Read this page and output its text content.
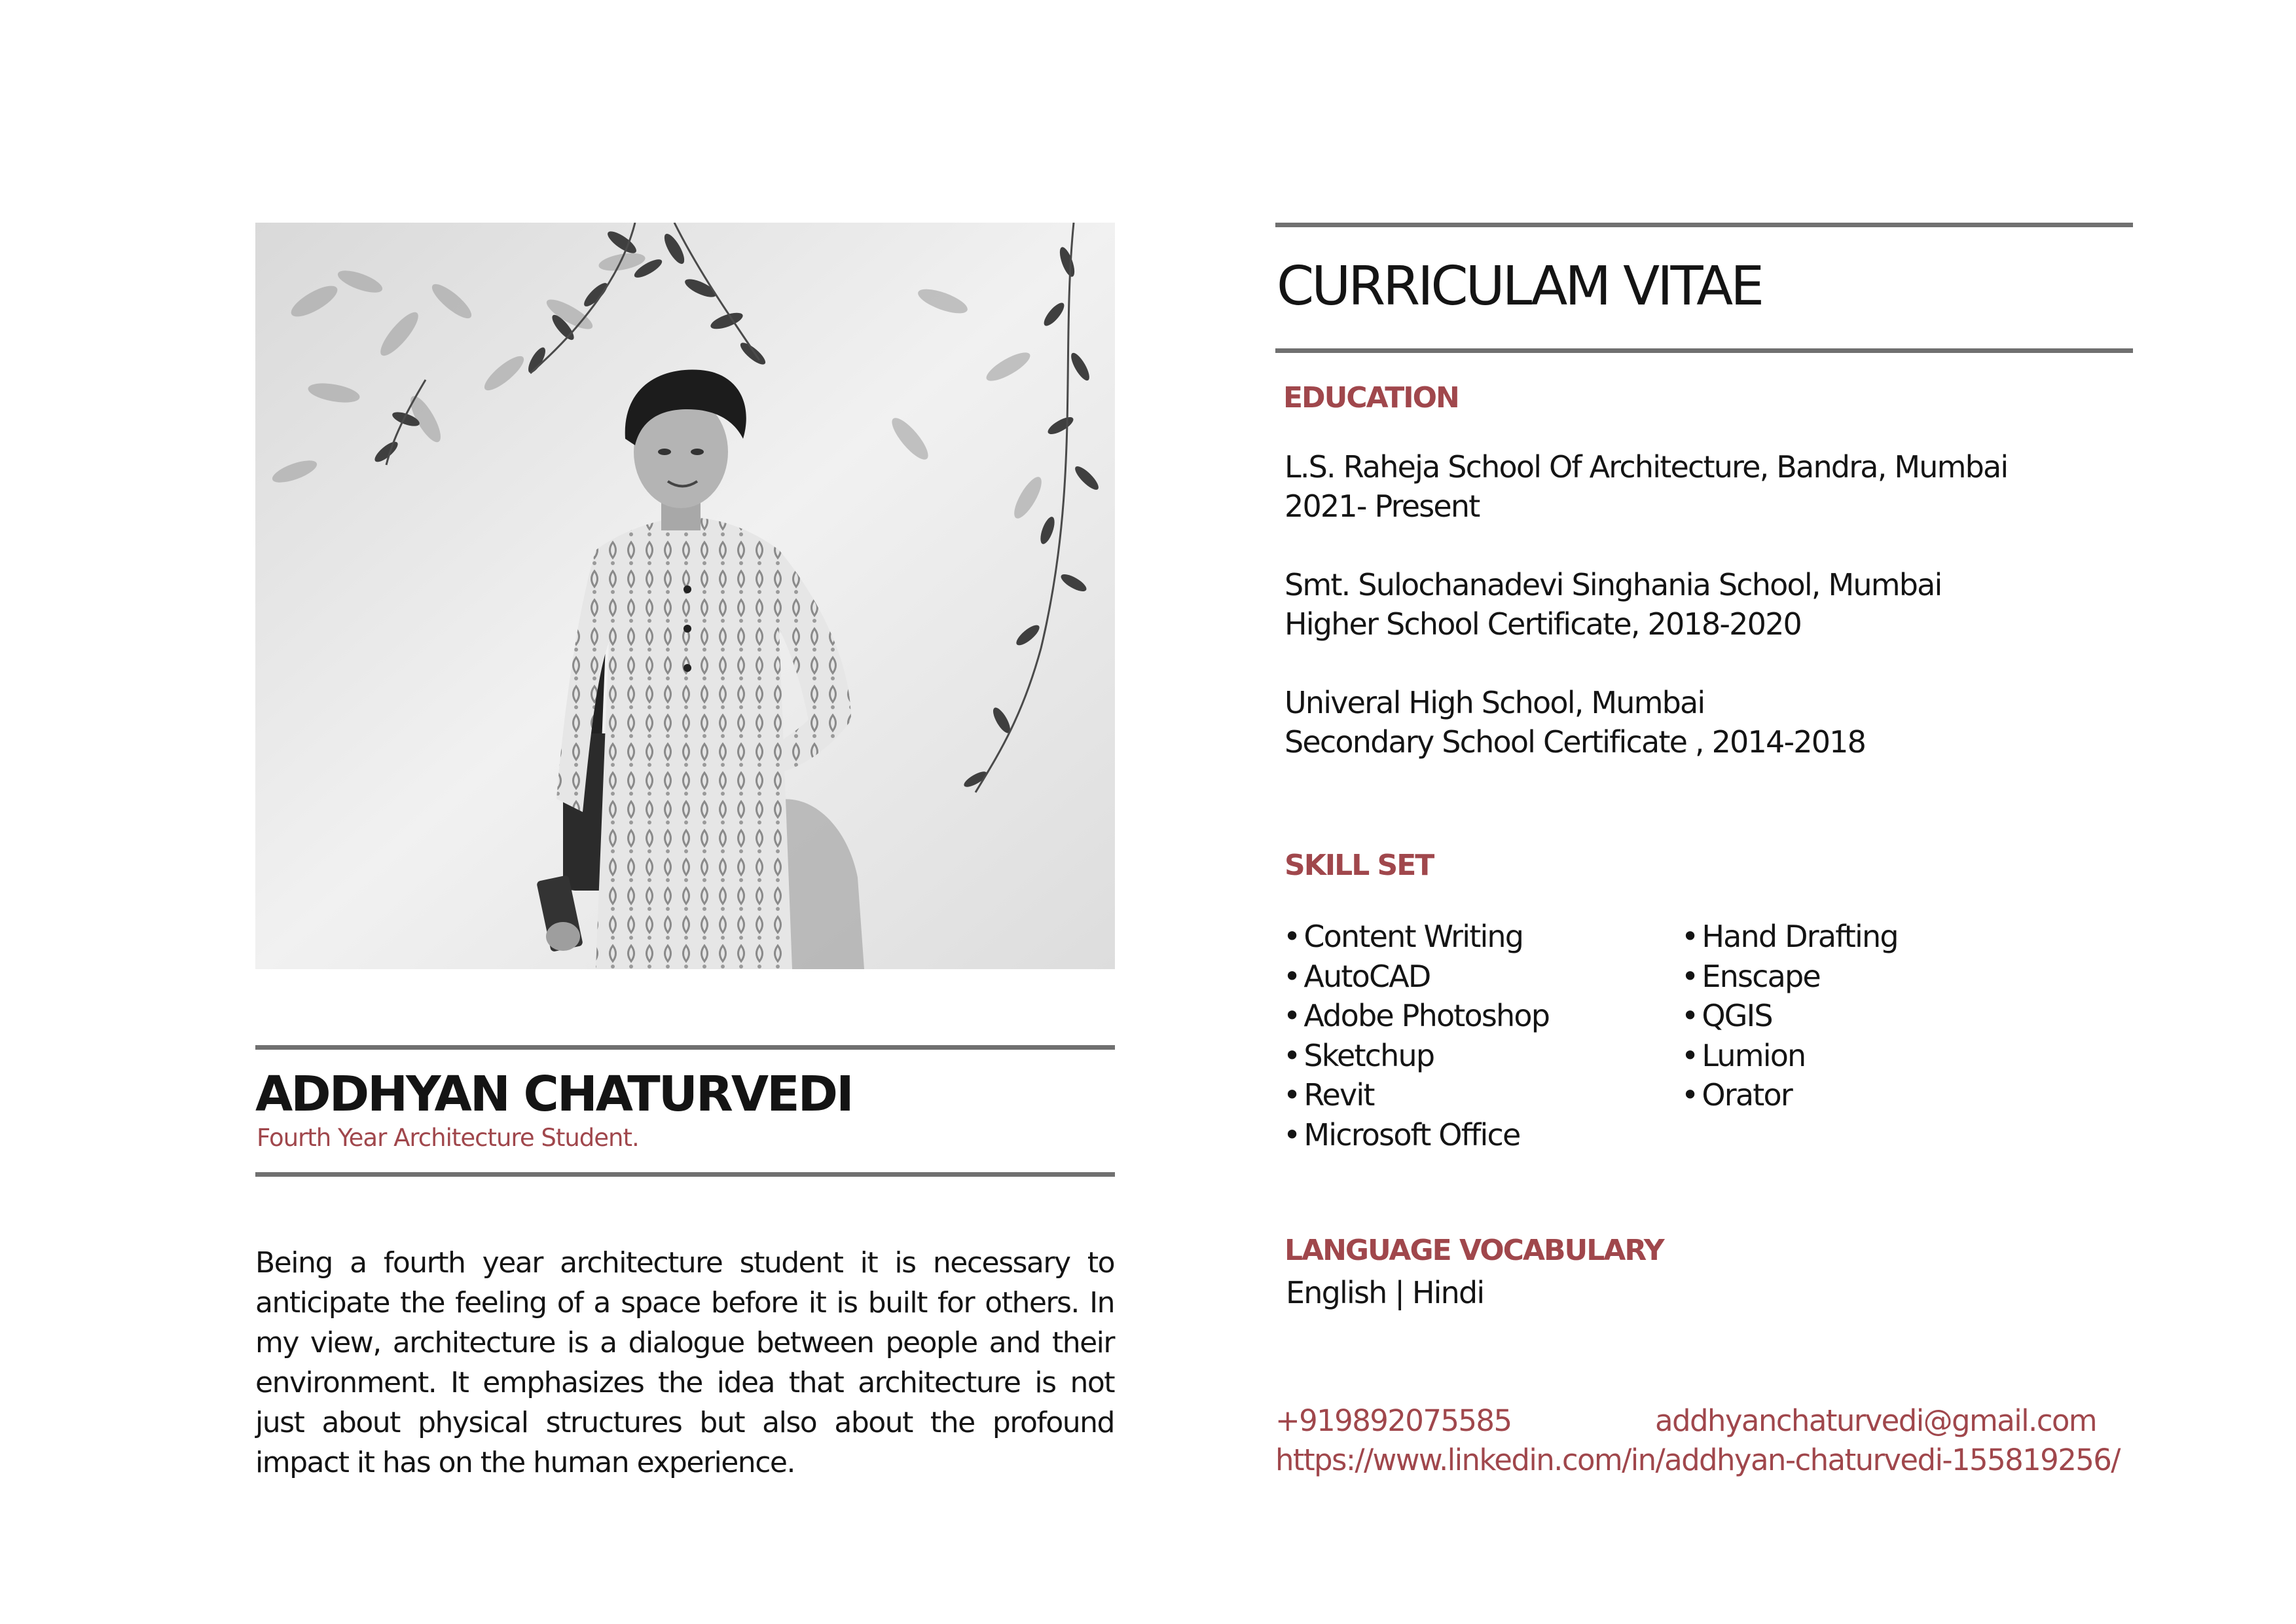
ADDHYAN CHATURVEDI
Fourth Year Architecture Student.
Being a fourth year architecture student it is necessary to anticipate the feeling of a space before it is built for others. In my view, architecture is a dialogue between people and their environment. It emphasizes the idea that architecture is not just about physical structures but also about the profound impact it has on the human experience.
CURRICULAM VITAE
EDUCATION
L.S. Raheja School Of Architecture, Bandra, Mumbai
2021- Present
Smt. Sulochanadevi Singhania School, Mumbai
Higher School Certificate, 2018-2020
Univeral High School, Mumbai
Secondary School Certificate , 2014-2018
SKILL SET
• Content Writing
• AutoCAD
• Adobe Photoshop
• Sketchup
• Revit
• Microsoft Office
• Hand Drafting
• Enscape
• QGIS
• Lumion
• Orator
LANGUAGE VOCABULARY
English | Hindi
+919892075585	addhyanchaturvedi@gmail.com
https://www.linkedin.com/in/addhyan-chaturvedi-155819256/
